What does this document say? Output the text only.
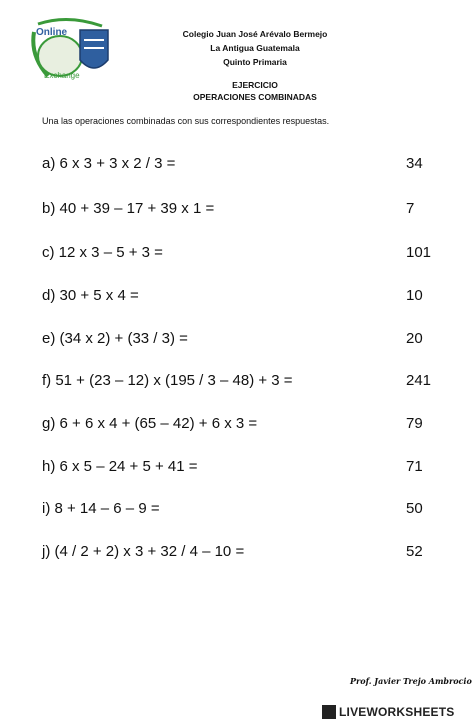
Online
Exchange
Colegio Juan José Arévalo Bermejo
La Antigua Guatemala
Quinto Primaria
EJERCICIO
OPERACIONES COMBINADAS
Una las operaciones combinadas con sus correspondientes respuestas.
a) 6 x 3 + 3 x 2 / 3 =	34
b) 40 + 39 – 17 + 39 x 1 =	7
c) 12 x 3 – 5 + 3 =	101
d) 30 + 5 x 4 =	10
e) (34 x 2) + (33 / 3) =	20
f) 51 + (23 – 12) x (195 / 3 – 48) + 3 =	241
g) 6 + 6 x 4 + (65 – 42) + 6 x 3 =	79
h) 6 x 5 – 24 + 5 + 41 =	71
i) 8 + 14 – 6 – 9 =	50
j) (4 / 2 + 2) x 3 + 32 / 4 – 10 =	52
Prof. Javier Trejo Ambrocio
LIVEWORKSHEETS
